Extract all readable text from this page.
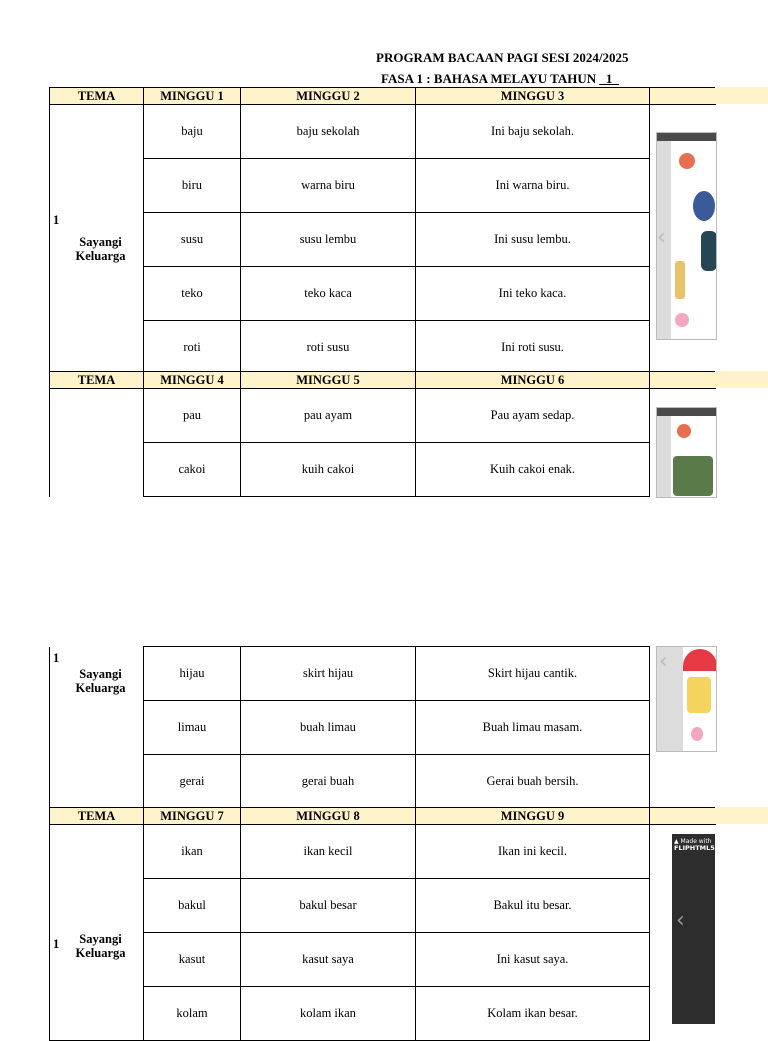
PROGRAM BACAAN PAGI SESI 2024/2025
FASA 1 : BAHASA MELAYU TAHUN _1_
TEMA	MINGGU 1	MINGGU 2	MINGGU 3	

1
Sayangi Keluarga	baju	baju sekolah	Ini baju sekolah.	
	biru	warna biru	Ini warna biru.	
	susu	susu lembu	Ini susu lembu.	
	teko	teko kaca	Ini teko kaca.	
	roti	roti susu	Ini roti susu.	
TEMA	MINGGU 4	MINGGU 5	MINGGU 6	
	pau	pau ayam	Pau ayam sedap.	
	cakoi	kuih cakoi	Kuih cakoi enak.	
1
Sayangi Keluarga	hijau	skirt hijau	Skirt hijau cantik.	
	limau	buah limau	Buah limau masam.	
	gerai	gerai buah	Gerai buah bersih.	
TEMA	MINGGU 7	MINGGU 8	MINGGU 9	

1 Sayangi Keluarga	ikan	ikan kecil	Ikan ini kecil.	
	bakul	bakul besar	Bakul itu besar.	
	kasut	kasut saya	Ini kasut saya.	
	kolam	kolam ikan	Kolam ikan besar.	
‹
‹
▲ Made with
FLIPHTML5
‹
